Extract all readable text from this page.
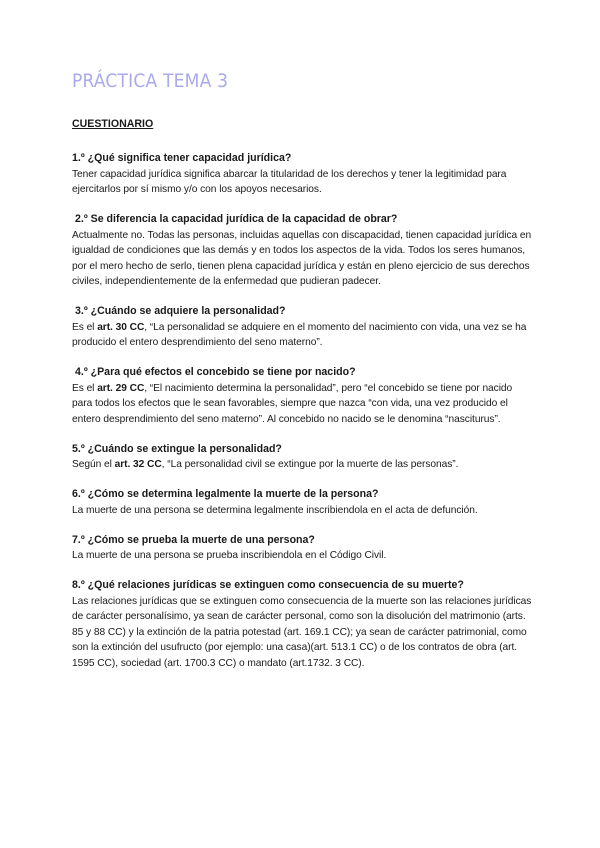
PRÁCTICA TEMA 3
CUESTIONARIO
1.º ¿Qué significa tener capacidad jurídica?
Tener capacidad jurídica significa abarcar la titularidad de los derechos y tener la legitimidad para ejercitarlos por sí mismo y/o con los apoyos necesarios.
2.º Se diferencia la capacidad jurídica de la capacidad de obrar?
Actualmente no. Todas las personas, incluidas aquellas con discapacidad, tienen capacidad jurídica en igualdad de condiciones que las demás y en todos los aspectos de la vida. Todos los seres humanos, por el mero hecho de serlo, tienen plena capacidad jurídica y están en pleno ejercicio de sus derechos civiles, independientemente de la enfermedad que pudieran padecer.
3.º ¿Cuándo se adquiere la personalidad?
Es el art. 30 CC, “La personalidad se adquiere en el momento del nacimiento con vida, una vez se ha producido el entero desprendimiento del seno materno”.
4.º ¿Para qué efectos el concebido se tiene por nacido?
Es el art. 29 CC, “El nacimiento determina la personalidad”, pero “el concebido se tiene por nacido para todos los efectos que le sean favorables, siempre que nazca “con vida, una vez producido el entero desprendimiento del seno materno”. Al concebido no nacido se le denomina “nasciturus”.
5.º ¿Cuándo se extingue la personalidad?
Según el art. 32 CC, “La personalidad civil se extingue por la muerte de las personas”.
6.º ¿Cómo se determina legalmente la muerte de la persona?
La muerte de una persona se determina legalmente inscribiendola en el acta de defunción.
7.º ¿Cómo se prueba la muerte de una persona?
La muerte de una persona se prueba inscribiendola en el Código Civil.
8.º ¿Qué relaciones jurídicas se extinguen como consecuencia de su muerte?
Las relaciones jurídicas que se extinguen como consecuencia de la muerte son las relaciones jurídicas de carácter personalísimo, ya sean de carácter personal, como son la disolución del matrimonio (arts. 85 y 88 CC) y la extinción de la patria potestad (art. 169.1 CC); ya sean de carácter patrimonial, como son la extinción del usufructo (por ejemplo: una casa)(art. 513.1 CC) o de los contratos de obra (art. 1595 CC), sociedad (art. 1700.3 CC) o mandato (art.1732. 3 CC).
